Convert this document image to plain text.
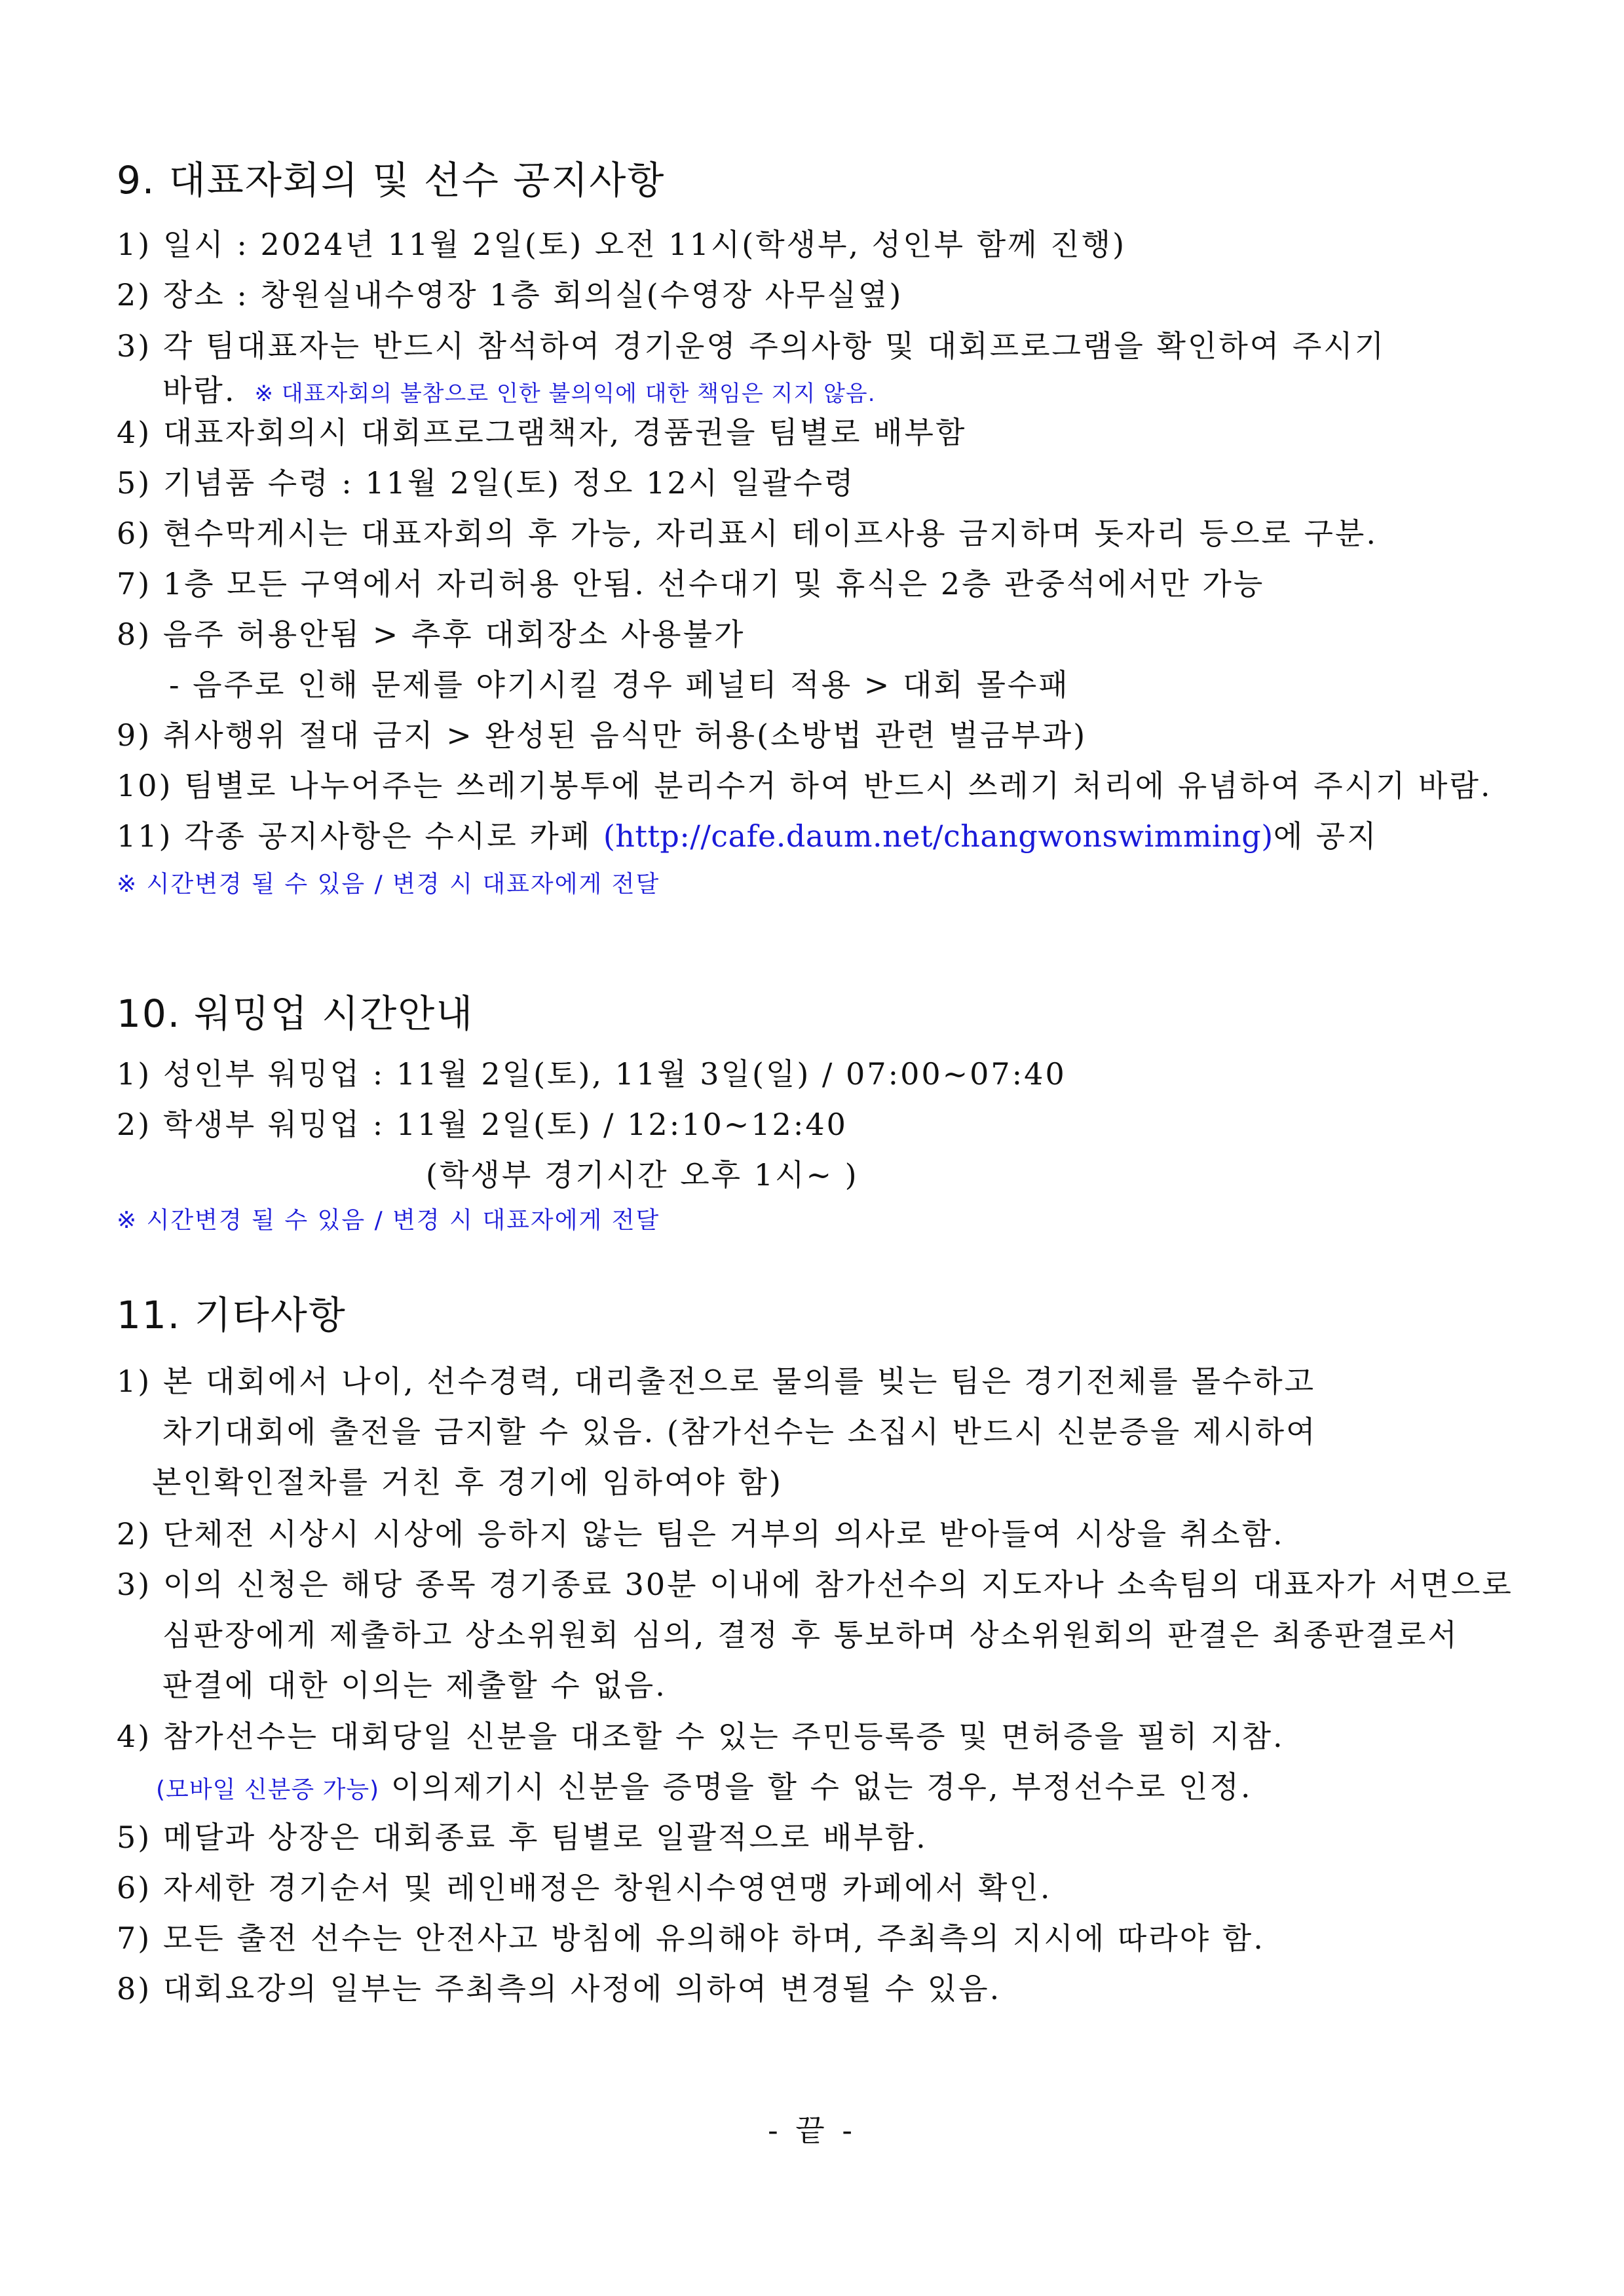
9. 대표자회의 및 선수 공지사항
1) 일시 : 2024년 11월 2일(토) 오전 11시(학생부, 성인부 함께 진행)
2) 장소 : 창원실내수영장 1층 회의실(수영장 사무실옆)
3) 각 팀대표자는 반드시 참석하여 경기운영 주의사항 및 대회프로그램을 확인하여 주시기
바람. ※ 대표자회의 불참으로 인한 불의익에 대한 책임은 지지 않음.
4) 대표자회의시 대회프로그램책자, 경품권을 팀별로 배부함
5) 기념품 수령 : 11월 2일(토) 정오 12시 일괄수령
6) 현수막게시는 대표자회의 후 가능, 자리표시 테이프사용 금지하며 돗자리 등으로 구분.
7) 1층 모든 구역에서 자리허용 안됨. 선수대기 및 휴식은 2층 관중석에서만 가능
8) 음주 허용안됨 > 추후 대회장소 사용불가
- 음주로 인해 문제를 야기시킬 경우 페널티 적용 > 대회 몰수패
9) 취사행위 절대 금지 > 완성된 음식만 허용(소방법 관련 벌금부과)
10) 팀별로 나누어주는 쓰레기봉투에 분리수거 하여 반드시 쓰레기 처리에 유념하여 주시기 바람.
11) 각종 공지사항은 수시로 카페 (http://cafe.daum.net/changwonswimming)에 공지
※ 시간변경 될 수 있음 / 변경 시 대표자에게 전달
10. 워밍업 시간안내
1) 성인부 워밍업 : 11월 2일(토), 11월 3일(일) / 07:00~07:40
2) 학생부 워밍업 : 11월 2일(토) / 12:10~12:40
(학생부 경기시간 오후 1시~ )
※ 시간변경 될 수 있음 / 변경 시 대표자에게 전달
11. 기타사항
1) 본 대회에서 나이, 선수경력, 대리출전으로 물의를 빚는 팀은 경기전체를 몰수하고
차기대회에 출전을 금지할 수 있음. (참가선수는 소집시 반드시 신분증을 제시하여
본인확인절차를 거친 후 경기에 임하여야 함)
2) 단체전 시상시 시상에 응하지 않는 팀은 거부의 의사로 받아들여 시상을 취소함.
3) 이의 신청은 해당 종목 경기종료 30분 이내에 참가선수의 지도자나 소속팀의 대표자가 서면으로
심판장에게 제출하고 상소위원회 심의, 결정 후 통보하며 상소위원회의 판결은 최종판결로서
판결에 대한 이의는 제출할 수 없음.
4) 참가선수는 대회당일 신분을 대조할 수 있는 주민등록증 및 면허증을 필히 지참.
(모바일 신분증 가능) 이의제기시 신분을 증명을 할 수 없는 경우, 부정선수로 인정.
5) 메달과 상장은 대회종료 후 팀별로 일괄적으로 배부함.
6) 자세한 경기순서 및 레인배정은 창원시수영연맹 카페에서 확인.
7) 모든 출전 선수는 안전사고 방침에 유의해야 하며, 주최측의 지시에 따라야 함.
8) 대회요강의 일부는 주최측의 사정에 의하여 변경될 수 있음.
- 끝 -
